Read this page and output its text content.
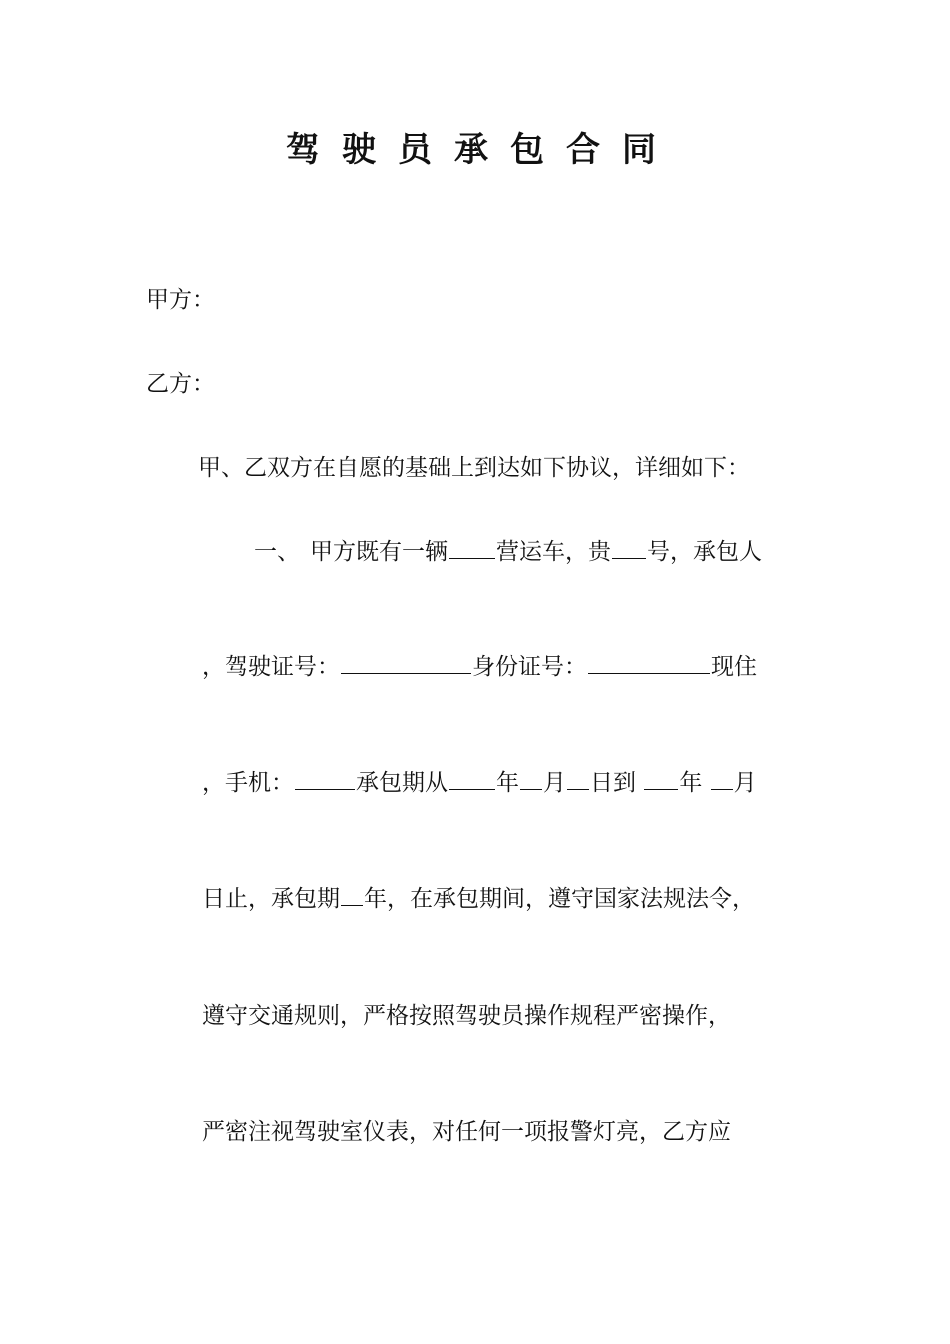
驾驶员承包合同
甲方：
乙方：
甲、乙双方在自愿的基础上到达如下协议，详细如下：
一、 甲方既有一辆 营运车，贵 号，承包人
，驾驶证号：	身份证号：	现住
，手机：	承包期从 年 月 日到 年 月
日止，承包期 年，在承包期间，遵守国家法规法令，
遵守交通规则，严格按照驾驶员操作规程严密操作，
严密注视驾驶室仪表，对任何一项报警灯亮，乙方应
